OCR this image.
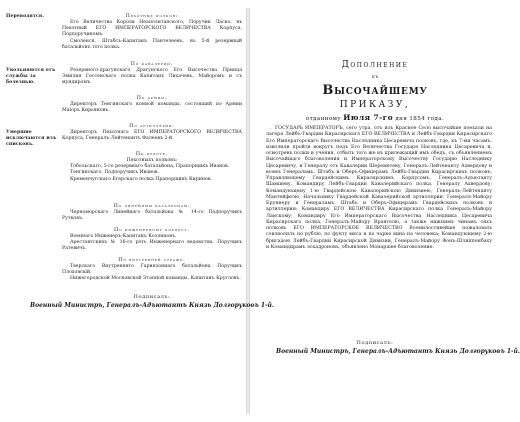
Переводятся.	Пехотных полков:

Его Величества Короля Неаполитанского, Поручик Ласко, въ Пехотный ЕГО ИМПЕРАТОРСКОГО ВЕЛИЧЕСТВА Корпуса, Подпоручикомъ.

Смоленск, Штабсъ-Капитанъ Пантелеевъ, въ 5-й резервный батальйонъ того полка.

Увольняются отъ службы за болезнью.
По кавалерии.

Резервного-драгунскаго Драгунского Его Высочества Принца Эмилия Гессенскаго полка Капитанъ Лихачевъ, Майоромъ и съ мундиромъ.

По армии.

Директоръ Тенгинскаго конной команды, состоящий по Армии Маїоръ Кирьяновъ.

Умершие исключаются изъ списковъ.
По артиллерии.

Директоръ Пехотнаго ЕГО ИМПЕРАТОРСКОГО ВЕЛИЧЕСТВА Корпуса, Генералъ-Лейтенантъ Фалеевъ 2-й.

По пехоте.

Пехотныхъ полковъ:

Тобольскаго, 5-го резервнаго батальйона, Прапорщикъ Иванов.

Тенгинскаго, Подпоручикъ Иванов.

Кременчугскаго Егерскаго полка Прапорщикъ Киринов.

По линейным батальонам.

Черноморскаго Линейнаго батальйона № 14-го Подпоручикъ Рутковъ.

По инженерному корпусу.

Военнаго Инженеръ-Капитанъ Козлиновъ.

Арестантскихъ № 16-го роть Инженернаго ведомства, Поручикъ Ратевичъ.

По внутренней страже.

Тверскаго Внутренняго Гарнизоннаго батальйона Поручикъ Плоховскій.

Нижегородской Московской Этапной команды, Капитанъ Кругловъ.

Подписалъ:
Военный Министръ, Генералъ-Адъютантъ Князь Долгоруковъ 1-й.
Дополнение
къ
Высочайшему
ПРИКАЗУ,
отданному Июля 7-го дня 1854 года.

ГОСУДАРЬ ИМПЕРАТОРЪ, сего утра, отъ изъ Красное Село высочайше поехали на лагеря Лейбъ-Гвардии Кирасирскаго ЕГО ВЕЛИЧЕСТВА и Лейбъ-Гвардии Кирасирскаго Его Императорскаго Высочества Наследника Цесаревича полковъ, где, къ 7-ми часамъ, изволили пройти вокругъ подъ Его Величества Государя Наследника Цесаревича и, осмотревъ полки и учения, отбыть того же въ прилежащий имъ обедъ, съ объявлениемъ Высочайшаго благоволения и Императорскому Высочеству Государю Наследнику Цесаревичу, и Генералу отъ Кавалерии Шереметеву, Генералъ-Лейтенанту Ахвердову и всемъ Генераламъ, Штабъ и Оберъ-Офицерамъ Лейбъ-Гвардии Кирасирскихъ полковъ; Управляющему Гвардейскимъ Кирасирскимъ Корпусомъ, Генералъ-Адъютанту Шамшеву, Командиру Лейбъ-Гвардии Кавалерийскаго полка, Генералу Ахвердову; Командующему 1-ю Гвардейскою Кавалерийскою Дивизиею, Генералъ-Лейтенанту Мантейфелю, Начальнику Гвардейской Кавалерийской артиллерии, Генералъ-Майору Бруннеру и Генераламъ, Штабъ и Оберъ-Офицерамъ Гвардейскихъ полковъ и артиллерии; Командиру ЕГО ВЕЛИЧЕСТВА Кирасирскаго полка Генералъ-Майору Ланскому; Командиру Его Императорскаго Высочества Наследника Цесаревича Кирасирскаго полка, Генералъ-Майору Врангелю, а также нижнимъ чинамъ сихъ полковъ ЕГО ИМПЕРАТОРСКОЕ ВЕЛИЧЕСТВО Всемилостивейше пожаловать соизволилъ по рублю, по фунту мяса и по чарке вина на человека; Командующему 2-ю бригадою Лейбъ-Гвардии Кирасирской Дивизии, Генералъ-Майору Фонъ-Шлиппенбаху и Командирамъ эскадроновъ, объявлено Монаршее благоволение.

Подписалъ:
Военный Министръ, Генералъ-Адъютантъ Князь Долгоруковъ 1-й.
